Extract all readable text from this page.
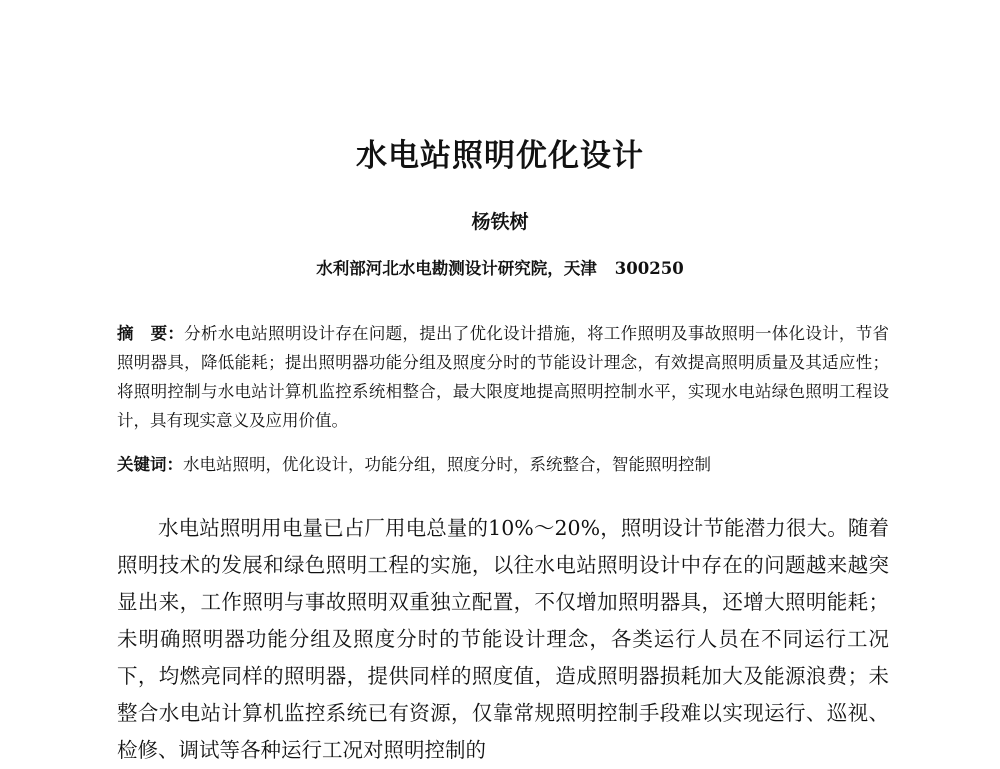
水电站照明优化设计
杨铁树
水利部河北水电勘测设计研究院，天津 300250
摘　要：分析水电站照明设计存在问题，提出了优化设计措施，将工作照明及事故照明一体化设计，节省照明器具，降低能耗；提出照明器功能分组及照度分时的节能设计理念，有效提高照明质量及其适应性；将照明控制与水电站计算机监控系统相整合，最大限度地提高照明控制水平，实现水电站绿色照明工程设计，具有现实意义及应用价值。
关键词：水电站照明，优化设计，功能分组，照度分时，系统整合，智能照明控制
水电站照明用电量已占厂用电总量的10%～20%，照明设计节能潜力很大。随着照明技术的发展和绿色照明工程的实施，以往水电站照明设计中存在的问题越来越突显出来，工作照明与事故照明双重独立配置，不仅增加照明器具，还增大照明能耗；未明确照明器功能分组及照度分时的节能设计理念，各类运行人员在不同运行工况下，均燃亮同样的照明器，提供同样的照度值，造成照明器损耗加大及能源浪费；未整合水电站计算机监控系统已有资源，仅靠常规照明控制手段难以实现运行、巡视、检修、调试等各种运行工况对照明控制的
